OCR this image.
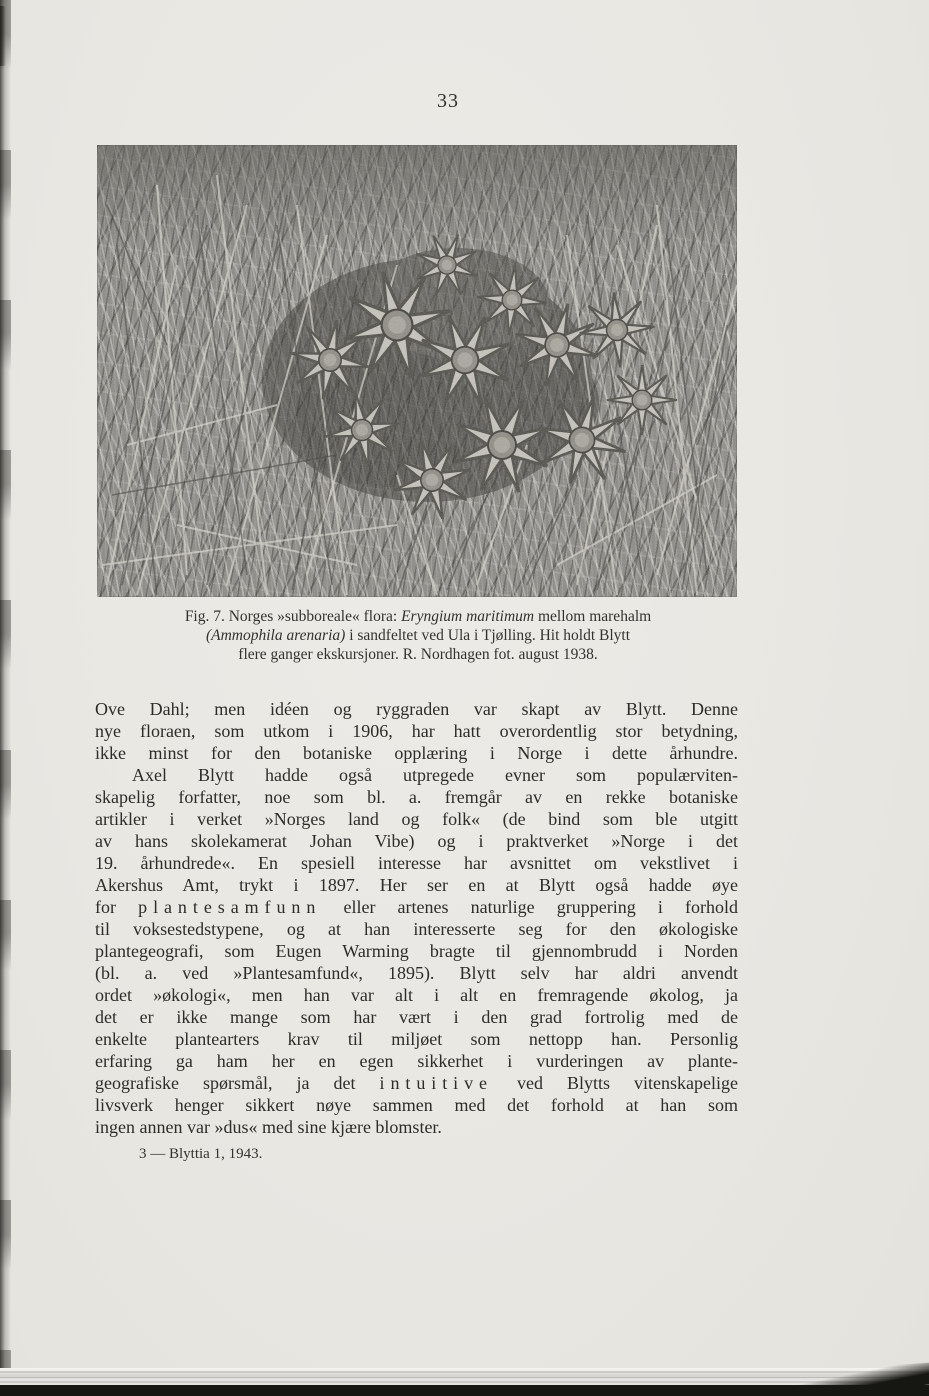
33
Fig. 7. Norges »subboreale« flora: Eryngium maritimum mellom marehalm
(Ammophila arenaria) i sandfeltet ved Ula i Tjølling. Hit holdt Blytt
flere ganger ekskursjoner. R. Nordhagen fot. august 1938.
Ove Dahl; men idéen og ryggraden var skapt av Blytt. Denne
nye floraen, som utkom i 1906, har hatt overordentlig stor betydning,
ikke minst for den botaniske opplæring i Norge i dette århundre.
Axel Blytt hadde også utpregede evner som populærviten-
skapelig forfatter, noe som bl. a. fremgår av en rekke botaniske
artikler i verket »Norges land og folk« (de bind som ble utgitt
av hans skolekamerat Johan Vibe) og i praktverket »Norge i det
19. århundrede«. En spesiell interesse har avsnittet om vekstlivet i
Akershus Amt, trykt i 1897. Her ser en at Blytt også hadde øye
for plantesamfunn eller artenes naturlige gruppering i forhold
til voksestedstypene, og at han interesserte seg for den økologiske
plantegeografi, som Eugen Warming bragte til gjennombrudd i Norden
(bl. a. ved »Plantesamfund«, 1895). Blytt selv har aldri anvendt
ordet »økologi«, men han var alt i alt en fremragende økolog, ja
det er ikke mange som har vært i den grad fortrolig med de
enkelte plantearters krav til miljøet som nettopp han. Personlig
erfaring ga ham her en egen sikkerhet i vurderingen av plante-
geografiske spørsmål, ja det intuitive ved Blytts vitenskapelige
livsverk henger sikkert nøye sammen med det forhold at han som
ingen annen var »dus« med sine kjære blomster.
3 — Blyttia 1, 1943.
